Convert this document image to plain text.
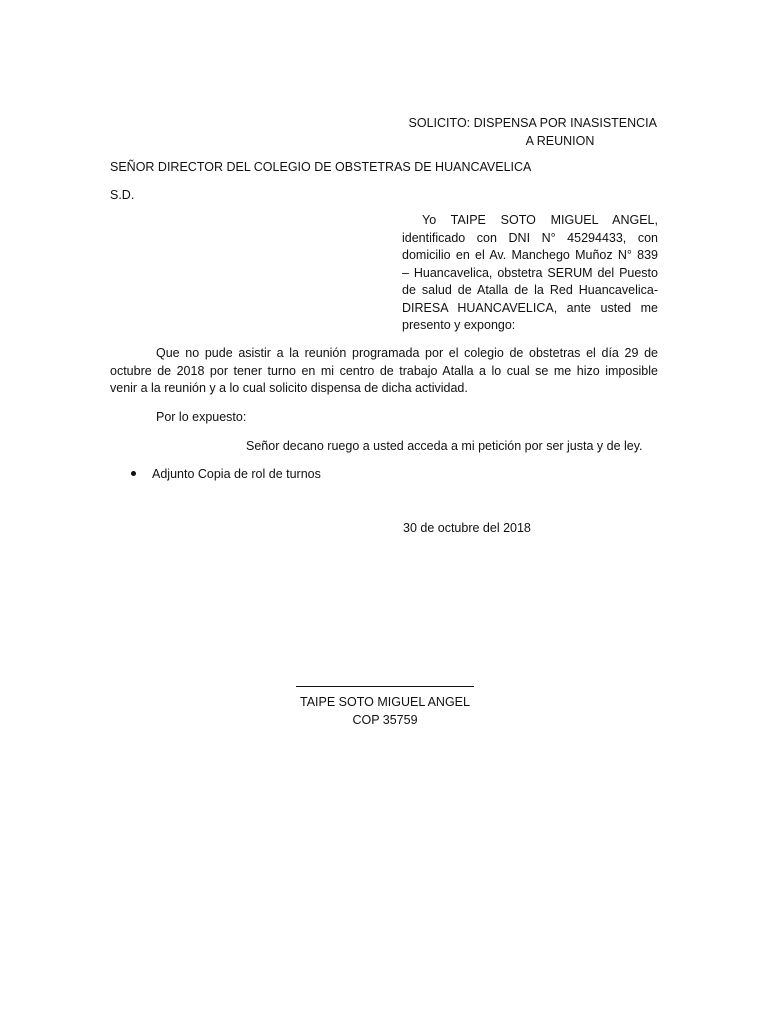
SOLICITO: DISPENSA POR INASISTENCIA
A REUNION
SEÑOR DIRECTOR DEL COLEGIO DE OBSTETRAS DE HUANCAVELICA
S.D.
Yo TAIPE SOTO MIGUEL ANGEL,
identificado con DNI N° 45294433, con
domicilio en el Av. Manchego Muñoz N° 839
– Huancavelica, obstetra SERUM del Puesto
de salud de Atalla de la Red Huancavelica-
DIRESA HUANCAVELICA, ante usted me
presento y expongo:
Que no pude asistir a la reunión programada por el colegio de obstetras el día 29 de
octubre de 2018 por tener turno en mi centro de trabajo Atalla a lo cual se me hizo imposible
venir a la reunión y a lo cual solicito dispensa de dicha actividad.
Por lo expuesto:
Señor decano ruego a usted acceda a mi petición por ser justa y de ley.
Adjunto Copia de rol de turnos
30 de octubre del 2018
TAIPE SOTO MIGUEL ANGEL
COP 35759
